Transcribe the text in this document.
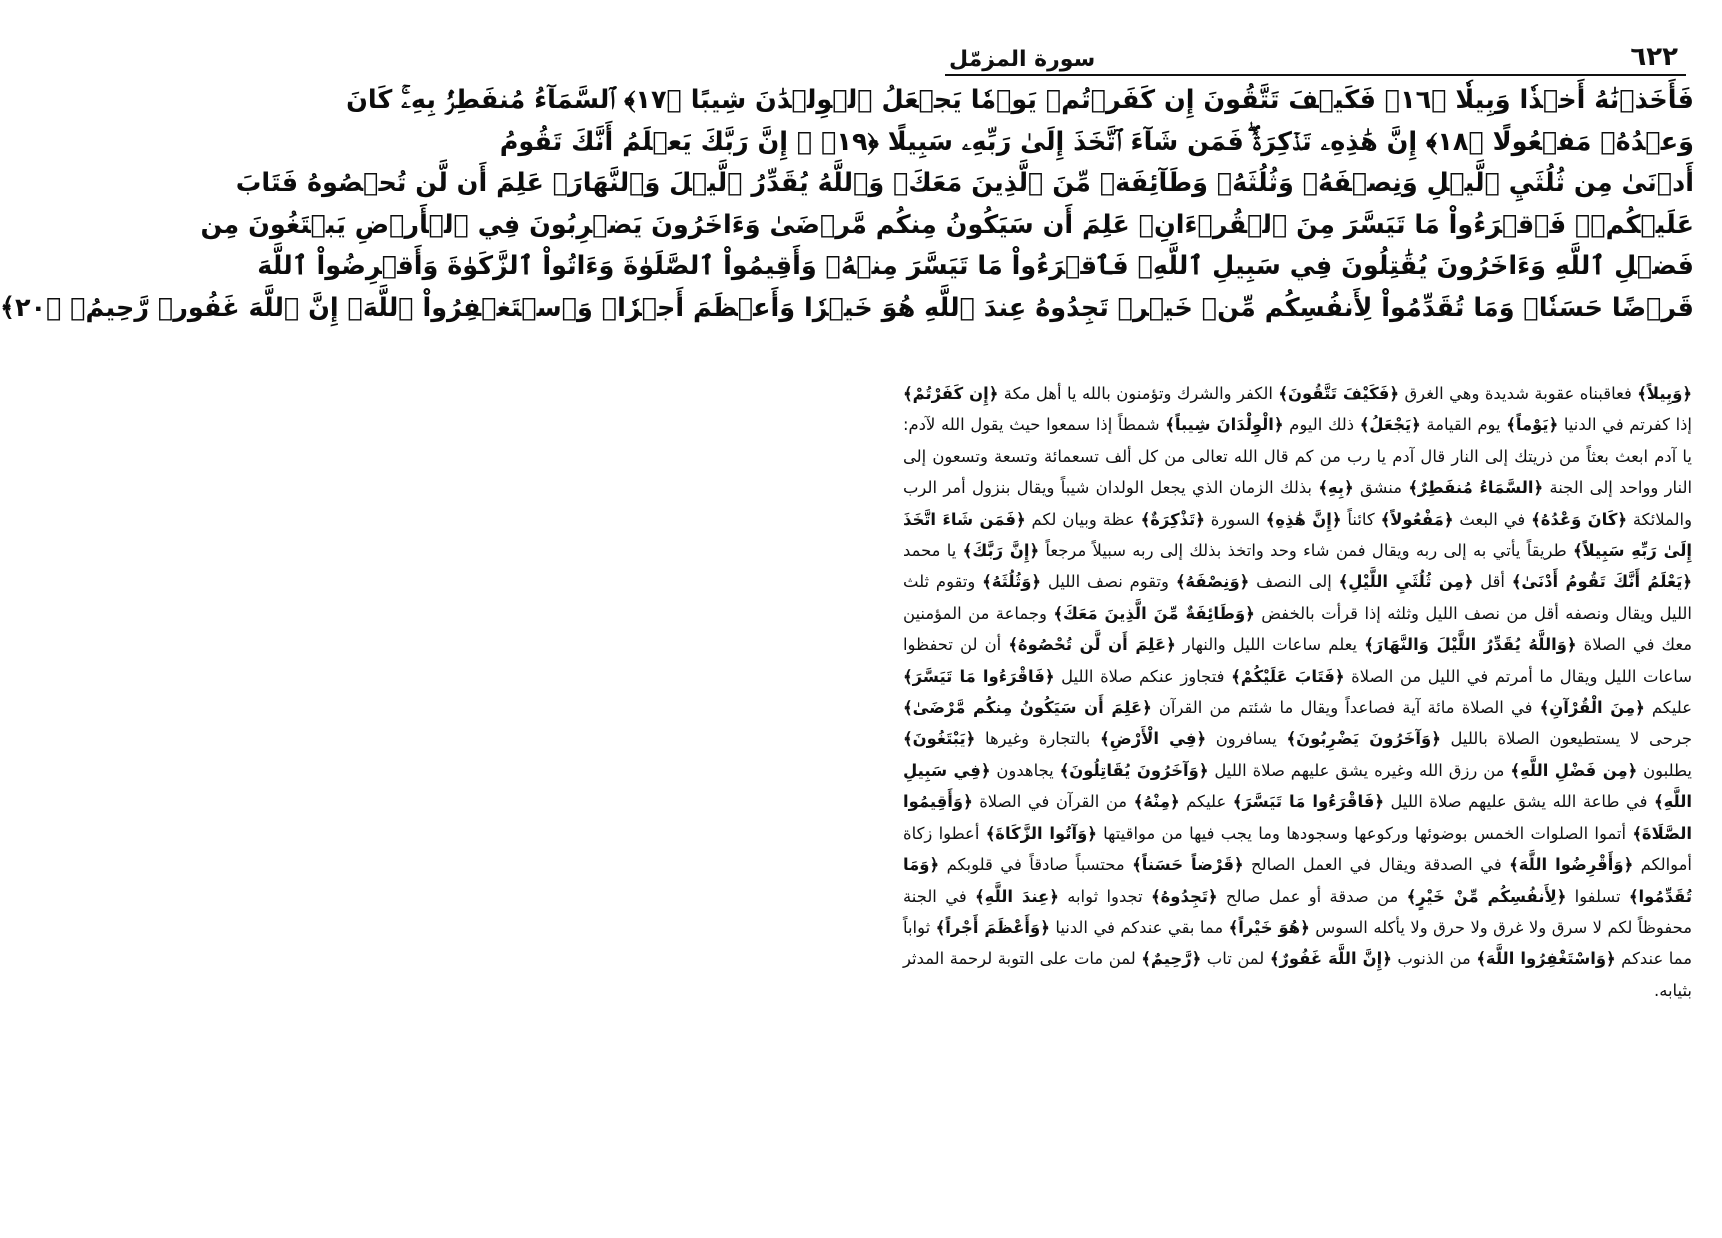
٦٢٢
سورة المزمّل
فَأَخَذۡنَٰهُ أَخۡذٗا وَبِيلٗا ﴿١٦﴾ فَكَيۡفَ تَتَّقُونَ إِن كَفَرۡتُمۡ يَوۡمٗا يَجۡعَلُ ٱلۡوِلۡدَٰنَ شِيبًا ﴿١٧﴾ ٱلسَّمَآءُ مُنفَطِرُۢ بِهِۦۚ كَانَ
وَعۡدُهُۥ مَفۡعُولًا ﴿١٨﴾ إِنَّ هَٰذِهِۦ تَذۡكِرَةٞۖ فَمَن شَآءَ ٱتَّخَذَ إِلَىٰ رَبِّهِۦ سَبِيلًا ﴿١٩﴾ ۞ إِنَّ رَبَّكَ يَعۡلَمُ أَنَّكَ تَقُومُ
أَدۡنَىٰ مِن ثُلُثَيِ ٱلَّيۡلِ وَنِصۡفَهُۥ وَثُلُثَهُۥ وَطَآئِفَةٞ مِّنَ ٱلَّذِينَ مَعَكَۚ وَٱللَّهُ يُقَدِّرُ ٱلَّيۡلَ وَٱلنَّهَارَۚ عَلِمَ أَن لَّن تُحۡصُوهُ فَتَابَ
عَلَيۡكُمۡۖ فَٱقۡرَءُواْ مَا تَيَسَّرَ مِنَ ٱلۡقُرۡءَانِۚ عَلِمَ أَن سَيَكُونُ مِنكُم مَّرۡضَىٰ وَءَاخَرُونَ يَضۡرِبُونَ فِي ٱلۡأَرۡضِ يَبۡتَغُونَ مِن
فَضۡلِ ٱللَّهِ وَءَاخَرُونَ يُقَٰتِلُونَ فِي سَبِيلِ ٱللَّهِۖ فَٱقۡرَءُواْ مَا تَيَسَّرَ مِنۡهُۚ وَأَقِيمُواْ ٱلصَّلَوٰةَ وَءَاتُواْ ٱلزَّكَوٰةَ وَأَقۡرِضُواْ ٱللَّهَ
قَرۡضًا حَسَنٗاۚ وَمَا تُقَدِّمُواْ لِأَنفُسِكُم مِّنۡ خَيۡرٖ تَجِدُوهُ عِندَ ٱللَّهِ هُوَ خَيۡرٗا وَأَعۡظَمَ أَجۡرٗاۚ وَٱسۡتَغۡفِرُواْ ٱللَّهَۖ إِنَّ ٱللَّهَ غَفُورٞ رَّحِيمُۢ ﴿٢٠﴾

﴿وَبِيلاً﴾ فعاقبناه عقوبة شديدة وهي الغرق ﴿فَكَيْفَ تَتَّقُونَ﴾ الكفر والشرك وتؤمنون بالله يا أهل مكة ﴿إِن كَفَرْتُمْ﴾ إذا كفرتم في الدنيا ﴿يَوْماً﴾ يوم القيامة ﴿يَجْعَلُ﴾ ذلك اليوم ﴿الْوِلْدَانَ شِيباً﴾ شمطاً إذا سمعوا حيث يقول الله لآدم: يا آدم ابعث بعثاً من ذريتك إلى النار قال آدم يا رب من كم قال الله تعالى من كل ألف تسعمائة وتسعة وتسعون إلى النار وواحد إلى الجنة ﴿السَّمَاءُ مُنفَطِرٌ﴾ منشق ﴿بِهِ﴾ بذلك الزمان الذي يجعل الولدان شيباً ويقال بنزول أمر الرب والملائكة ﴿كَانَ وَعْدُهُ﴾ في البعث ﴿مَفْعُولاً﴾ كائناً ﴿إِنَّ هَٰذِهِ﴾ السورة ﴿تَذْكِرَةٌ﴾ عظة وبيان لكم ﴿فَمَن شَاءَ اتَّخَذَ إِلَىٰ رَبِّهِ سَبِيلاً﴾ طريقاً يأتي به إلى ربه ويقال فمن شاء وحد واتخذ بذلك إلى ربه سبيلاً مرجعاً ﴿إِنَّ رَبَّكَ﴾ يا محمد ﴿يَعْلَمُ أَنَّكَ تَقُومُ أَدْنَىٰ﴾ أقل ﴿مِن ثُلُثَيِ اللَّيْلِ﴾ إلى النصف ﴿وَنِصْفَهُ﴾ وتقوم نصف الليل ﴿وَثُلُثَهُ﴾ وتقوم ثلث الليل ويقال ونصفه أقل من نصف الليل وثلثه إذا قرأت بالخفض ﴿وَطَائِفَةٌ مِّنَ الَّذِينَ مَعَكَ﴾ وجماعة من المؤمنين معك في الصلاة ﴿وَاللَّهُ يُقَدِّرُ اللَّيْلَ وَالنَّهَارَ﴾ يعلم ساعات الليل والنهار ﴿عَلِمَ أَن لَّن تُحْصُوهُ﴾ أن لن تحفظوا ساعات الليل ويقال ما أمرتم في الليل من الصلاة ﴿فَتَابَ عَلَيْكُمْ﴾ فتجاوز عنكم صلاة الليل ﴿فَاقْرَءُوا مَا تَيَسَّرَ﴾ عليكم ﴿مِنَ الْقُرْآنِ﴾ في الصلاة مائة آية فصاعداً ويقال ما شئتم من القرآن ﴿عَلِمَ أَن سَيَكُونُ مِنكُم مَّرْضَىٰ﴾ جرحى لا يستطيعون الصلاة بالليل ﴿وَآخَرُونَ يَضْرِبُونَ﴾ يسافرون ﴿فِي الْأَرْضِ﴾ بالتجارة وغيرها ﴿يَبْتَغُونَ﴾ يطلبون ﴿مِن فَضْلِ اللَّهِ﴾ من رزق الله وغيره يشق عليهم صلاة الليل ﴿وَآخَرُونَ يُقَاتِلُونَ﴾ يجاهدون ﴿فِي سَبِيلِ اللَّهِ﴾ في طاعة الله يشق عليهم صلاة الليل ﴿فَاقْرَءُوا مَا تَيَسَّرَ﴾ عليكم ﴿مِنْهُ﴾ من القرآن في الصلاة ﴿وَأَقِيمُوا الصَّلَاةَ﴾ أتموا الصلوات الخمس بوضوئها وركوعها وسجودها وما يجب فيها من مواقيتها ﴿وَآتُوا الزَّكَاةَ﴾ أعطوا زكاة أموالكم ﴿وَأَقْرِضُوا اللَّهَ﴾ في الصدقة ويقال في العمل الصالح ﴿قَرْضاً حَسَناً﴾ محتسباً صادقاً في قلوبكم ﴿وَمَا تُقَدِّمُوا﴾ تسلفوا ﴿لِأَنفُسِكُم مِّنْ خَيْرٍ﴾ من صدقة أو عمل صالح ﴿تَجِدُوهُ﴾ تجدوا ثوابه ﴿عِندَ اللَّهِ﴾ في الجنة محفوظاً لكم لا سرق ولا غرق ولا حرق ولا يأكله السوس ﴿هُوَ خَيْراً﴾ مما بقي عندكم في الدنيا ﴿وَأَعْظَمَ أَجْراً﴾ ثواباً مما عندكم ﴿وَاسْتَغْفِرُوا اللَّهَ﴾ من الذنوب ﴿إِنَّ اللَّهَ غَفُورٌ﴾ لمن تاب ﴿رَّحِيمٌ﴾ لمن مات على التوبة لرحمة المدثر بثيابه.
